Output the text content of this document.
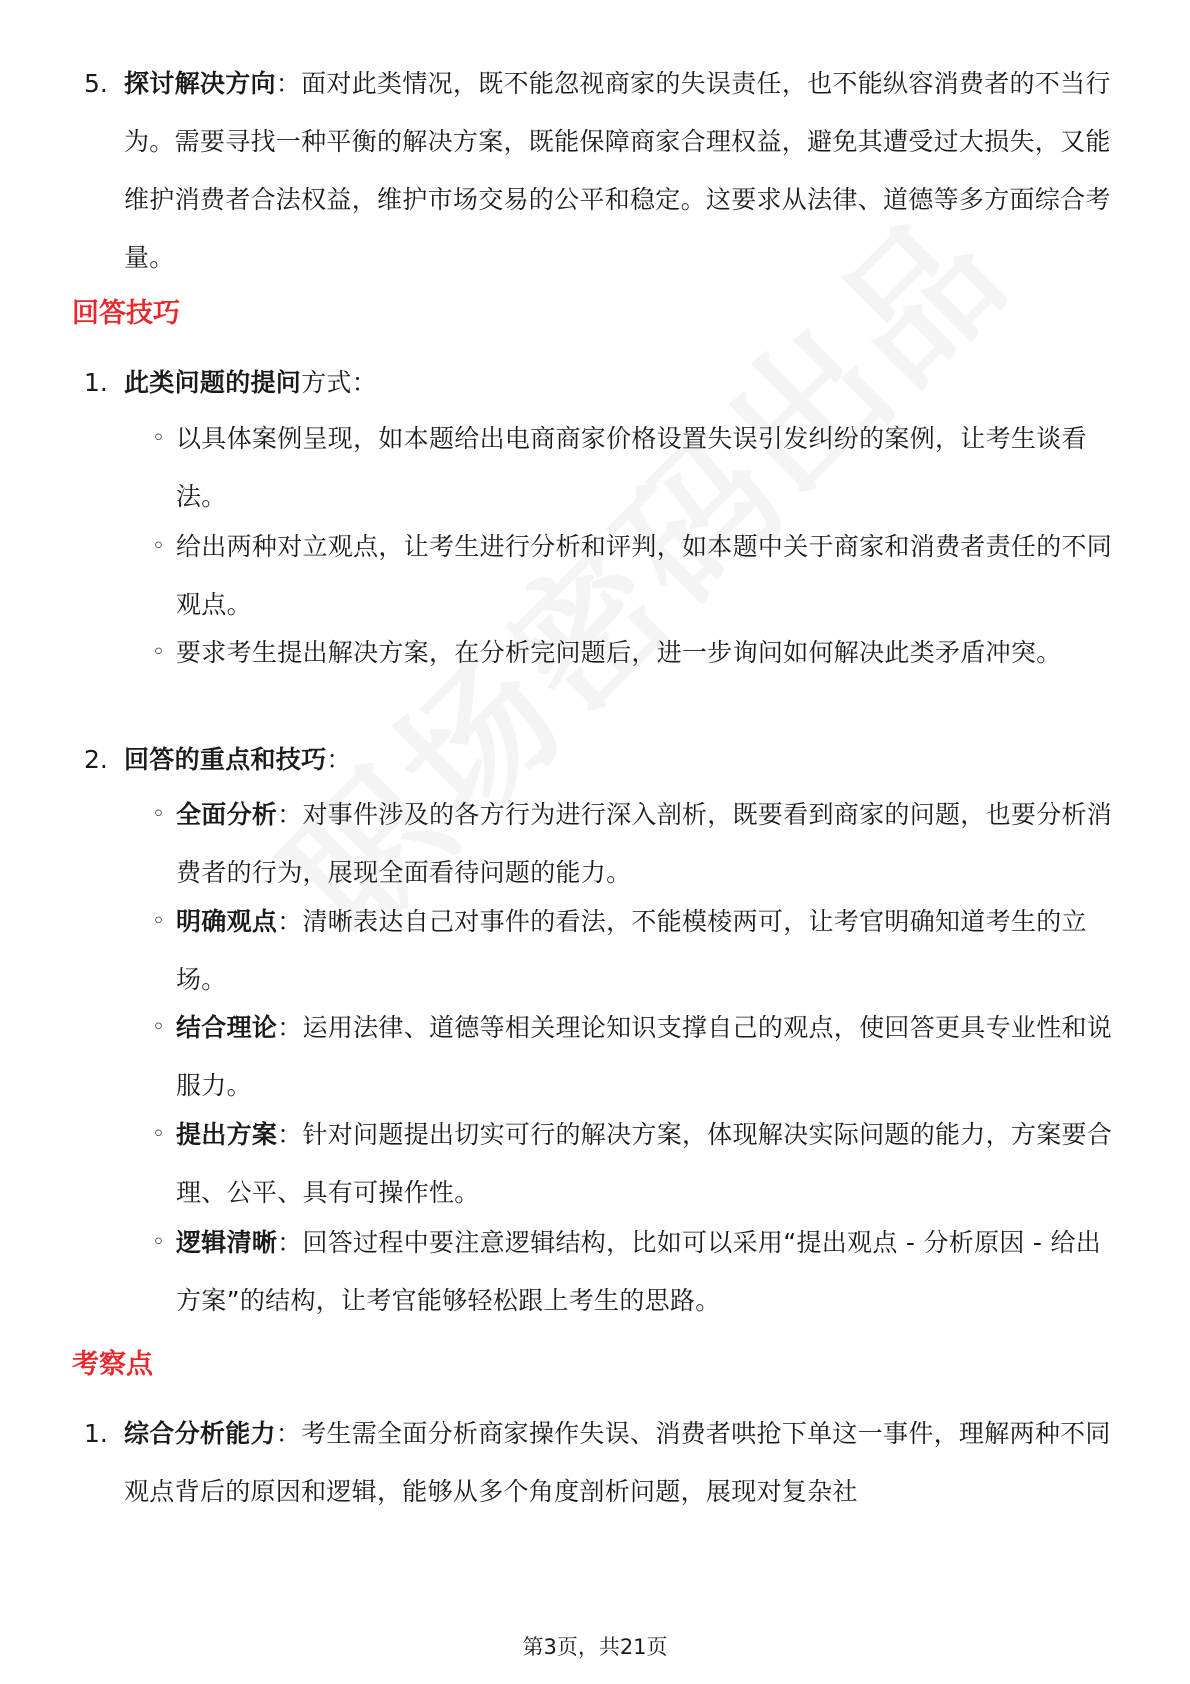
5. 探讨解决方向：面对此类情况，既不能忽视商家的失误责任，也不能纵容消费者的不当行为。需要寻找一种平衡的解决方案，既能保障商家合理权益，避免其遭受过大损失，又能维护消费者合法权益，维护市场交易的公平和稳定。这要求从法律、道德等多方面综合考量。
回答技巧
1. 此类问题的提问方式：
◦ 以具体案例呈现，如本题给出电商商家价格设置失误引发纠纷的案例，让考生谈看法。
◦ 给出两种对立观点，让考生进行分析和评判，如本题中关于商家和消费者责任的不同观点。
◦ 要求考生提出解决方案，在分析完问题后，进一步询问如何解决此类矛盾冲突。
2. 回答的重点和技巧：
◦ 全面分析：对事件涉及的各方行为进行深入剖析，既要看到商家的问题，也要分析消费者的行为，展现全面看待问题的能力。
◦ 明确观点：清晰表达自己对事件的看法，不能模棱两可，让考官明确知道考生的立场。
◦ 结合理论：运用法律、道德等相关理论知识支撑自己的观点，使回答更具专业性和说服力。
◦ 提出方案：针对问题提出切实可行的解决方案，体现解决实际问题的能力，方案要合理、公平、具有可操作性。
◦ 逻辑清晰：回答过程中要注意逻辑结构，比如可以采用“提出观点 - 分析原因 - 给出方案”的结构，让考官能够轻松跟上考生的思路。
考察点
1. 综合分析能力：考生需全面分析商家操作失误、消费者哄抢下单这一事件，理解两种不同观点背后的原因和逻辑，能够从多个角度剖析问题，展现对复杂社
第3页，共21页
